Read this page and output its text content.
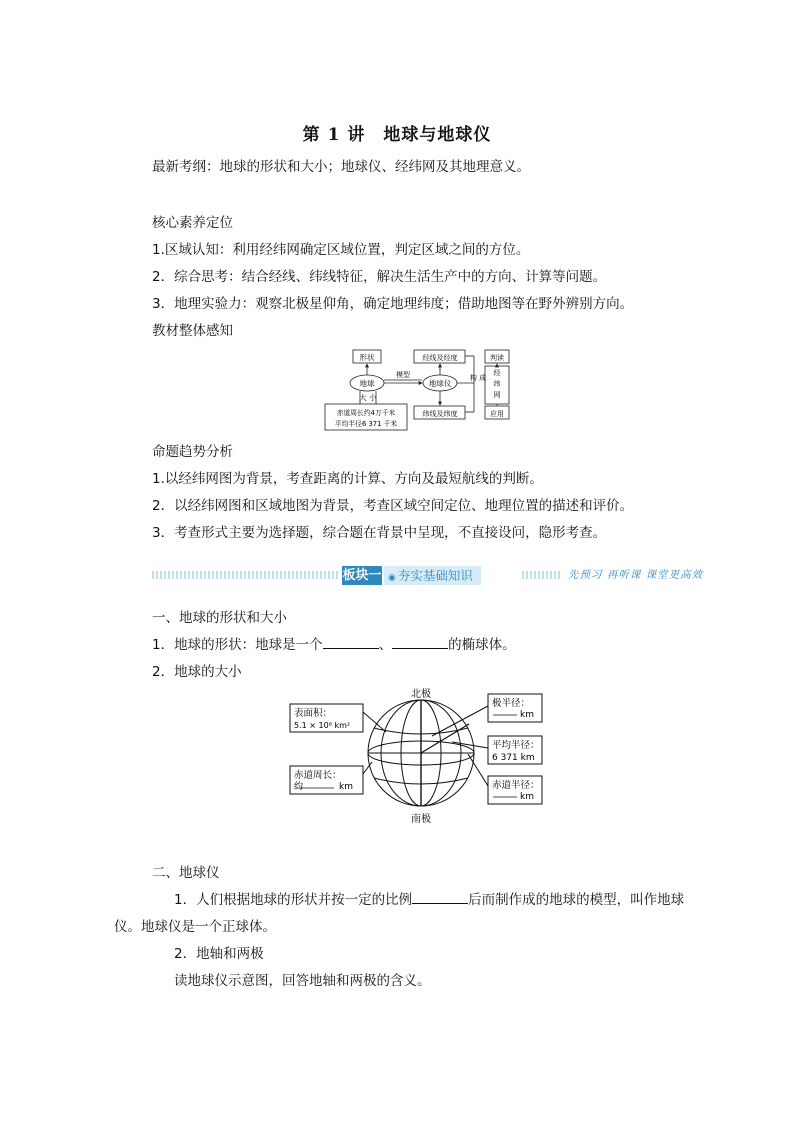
第 1 讲　地球与地球仪
最新考纲：地球的形状和大小；地球仪、经纬网及其地理意义。
核心素养定位
1.区域认知：利用经纬网确定区域位置，判定区域之间的方位。
2．综合思考：结合经线、纬线特征，解决生活生产中的方向、计算等问题。
3．地理实验力：观察北极星仰角，确定地理纬度；借助地图等在野外辨别方向。
教材整体感知
形状
地球
模型
地球仪
大 小
赤道周长约4万千米
平均半径6 371 千米
经线及经度
纬线及纬度
构 成
判读
应用
经
纬
网
命题趋势分析
1.以经纬网图为背景，考查距离的计算、方向及最短航线的判断。
2．以经纬网图和区域地图为背景，考查区域空间定位、地理位置的描述和评价。
3．考查形式主要为选择题，综合题在背景中呈现，不直接设问，隐形考查。
板块一 ◉ 夯实基础知识	先预习 再听课 课堂更高效
一、地球的形状和大小
1．地球的形状：地球是一个	、	的椭球体。
2．地球的大小
北极
南极
表面积：
5.1 × 10⁸ km²
赤道周长：
约	km
极半径：
km
平均半径：
6 371 km
赤道半径：
km
二、地球仪
1．人们根据地球的形状并按一定的比例	后而制作成的地球的模型，叫作地球
仪。地球仪是一个正球体。
2．地轴和两极
读地球仪示意图，回答地轴和两极的含义。
